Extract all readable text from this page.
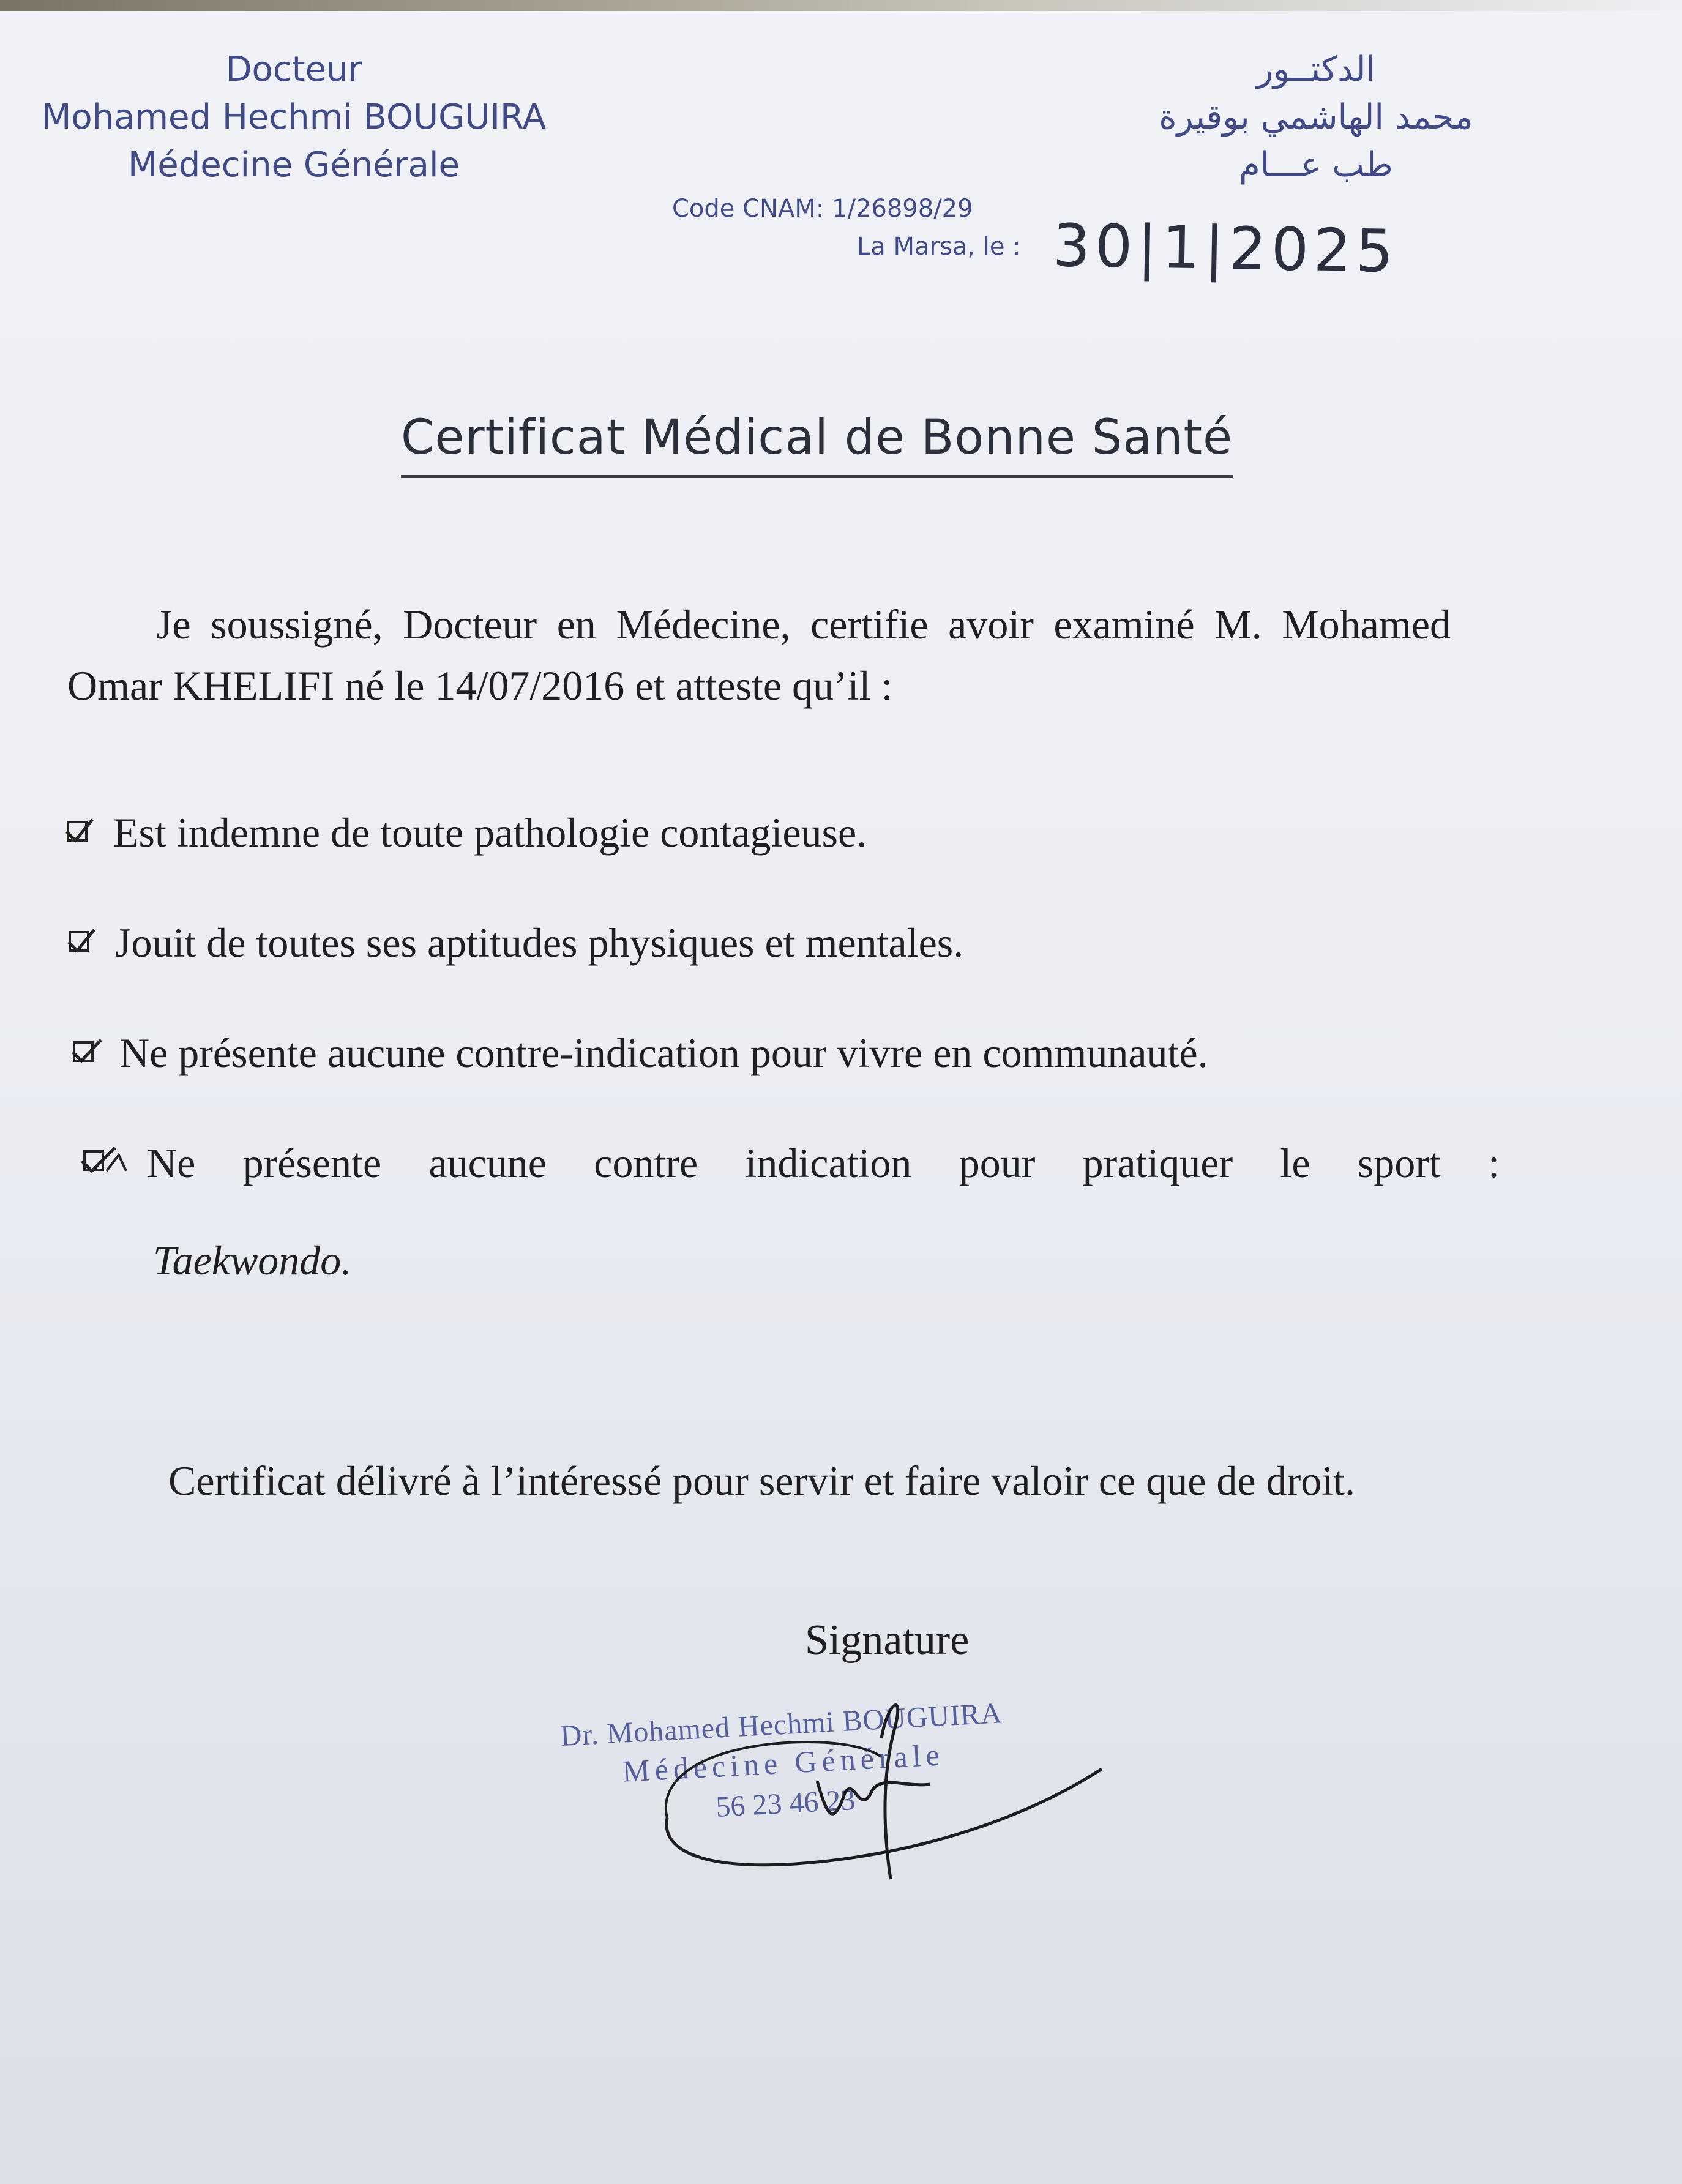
Docteur
Mohamed Hechmi BOUGUIRA
Médecine Générale
الدكتــور
محمد الهاشمي بوقيرة
طب عـــام
Code CNAM: 1/26898/29
La Marsa, le : 30|1|2025
Certificat Médical de Bonne Santé

Je soussigné, Docteur en Médecine, certifie avoir examiné M. Mohamed Omar KHELIFI né le 14/07/2016 et atteste qu’il :

Est indemne de toute pathologie contagieuse.
Jouit de toutes ses aptitudes physiques et mentales.
Ne présente aucune contre-indication pour vivre en communauté.
Ne présente aucune contre indication pour pratiquer le sport :
Taekwondo.

Certificat délivré à l’intéressé pour servir et faire valoir ce que de droit.

Signature
Dr. Mohamed Hechmi BOUGUIRA
Médecine Générale
56 23 46 23
